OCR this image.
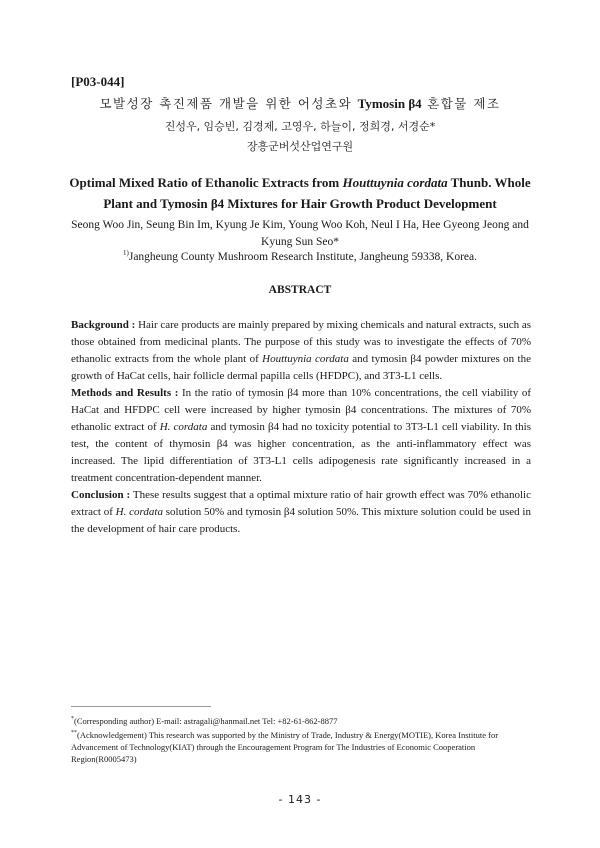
[P03-044]
모발성장 촉진제품 개발을 위한 어성초와 Tymosin β4 혼합물 제조
진성우, 임승빈, 김경제, 고영우, 하늘이, 정희경, 서경순*
장흥군버섯산업연구원
Optimal Mixed Ratio of Ethanolic Extracts from Houttuynia cordata Thunb. Whole Plant and Tymosin β4 Mixtures for Hair Growth Product Development
Seong Woo Jin, Seung Bin Im, Kyung Je Kim, Young Woo Koh, Neul I Ha, Hee Gyeong Jeong and Kyung Sun Seo*
$^{1)}$Jangheung County Mushroom Research Institute, Jangheung 59338, Korea.
ABSTRACT

Background : Hair care products are mainly prepared by mixing chemicals and natural extracts, such as those obtained from medicinal plants. The purpose of this study was to investigate the effects of 70% ethanolic extracts from the whole plant of Houttuynia cordata and tymosin β4 powder mixtures on the growth of HaCat cells, hair follicle dermal papilla cells (HFDPC), and 3T3-L1 cells.

Methods and Results : In the ratio of tymosin β4 more than 10% concentrations, the cell viability of HaCat and HFDPC cell were increased by higher tymosin β4 concentrations. The mixtures of 70% ethanolic extract of H. cordata and tymosin β4 had no toxicity potential to 3T3-L1 cell viability. In this test, the content of thymosin β4 was higher concentration, as the anti-inflammatory effect was increased. The lipid differentiation of 3T3-L1 cells adipogenesis rate significantly increased in a treatment concentration-dependent manner.

Conclusion : These results suggest that a optimal mixture ratio of hair growth effect was 70% ethanolic extract of H. cordata solution 50% and tymosin β4 solution 50%. This mixture solution could be used in the development of hair care products.

*(Corresponding author) E-mail: astragali@hanmail.net Tel: +82-61-862-8877

**(Acknowledgement) This research was supported by the Ministry of Trade, Industry & Energy(MOTIE), Korea Institute for Advancement of Technology(KIAT) through the Encouragement Program for The Industries of Economic Cooperation Region(R0005473)

- 143 -
